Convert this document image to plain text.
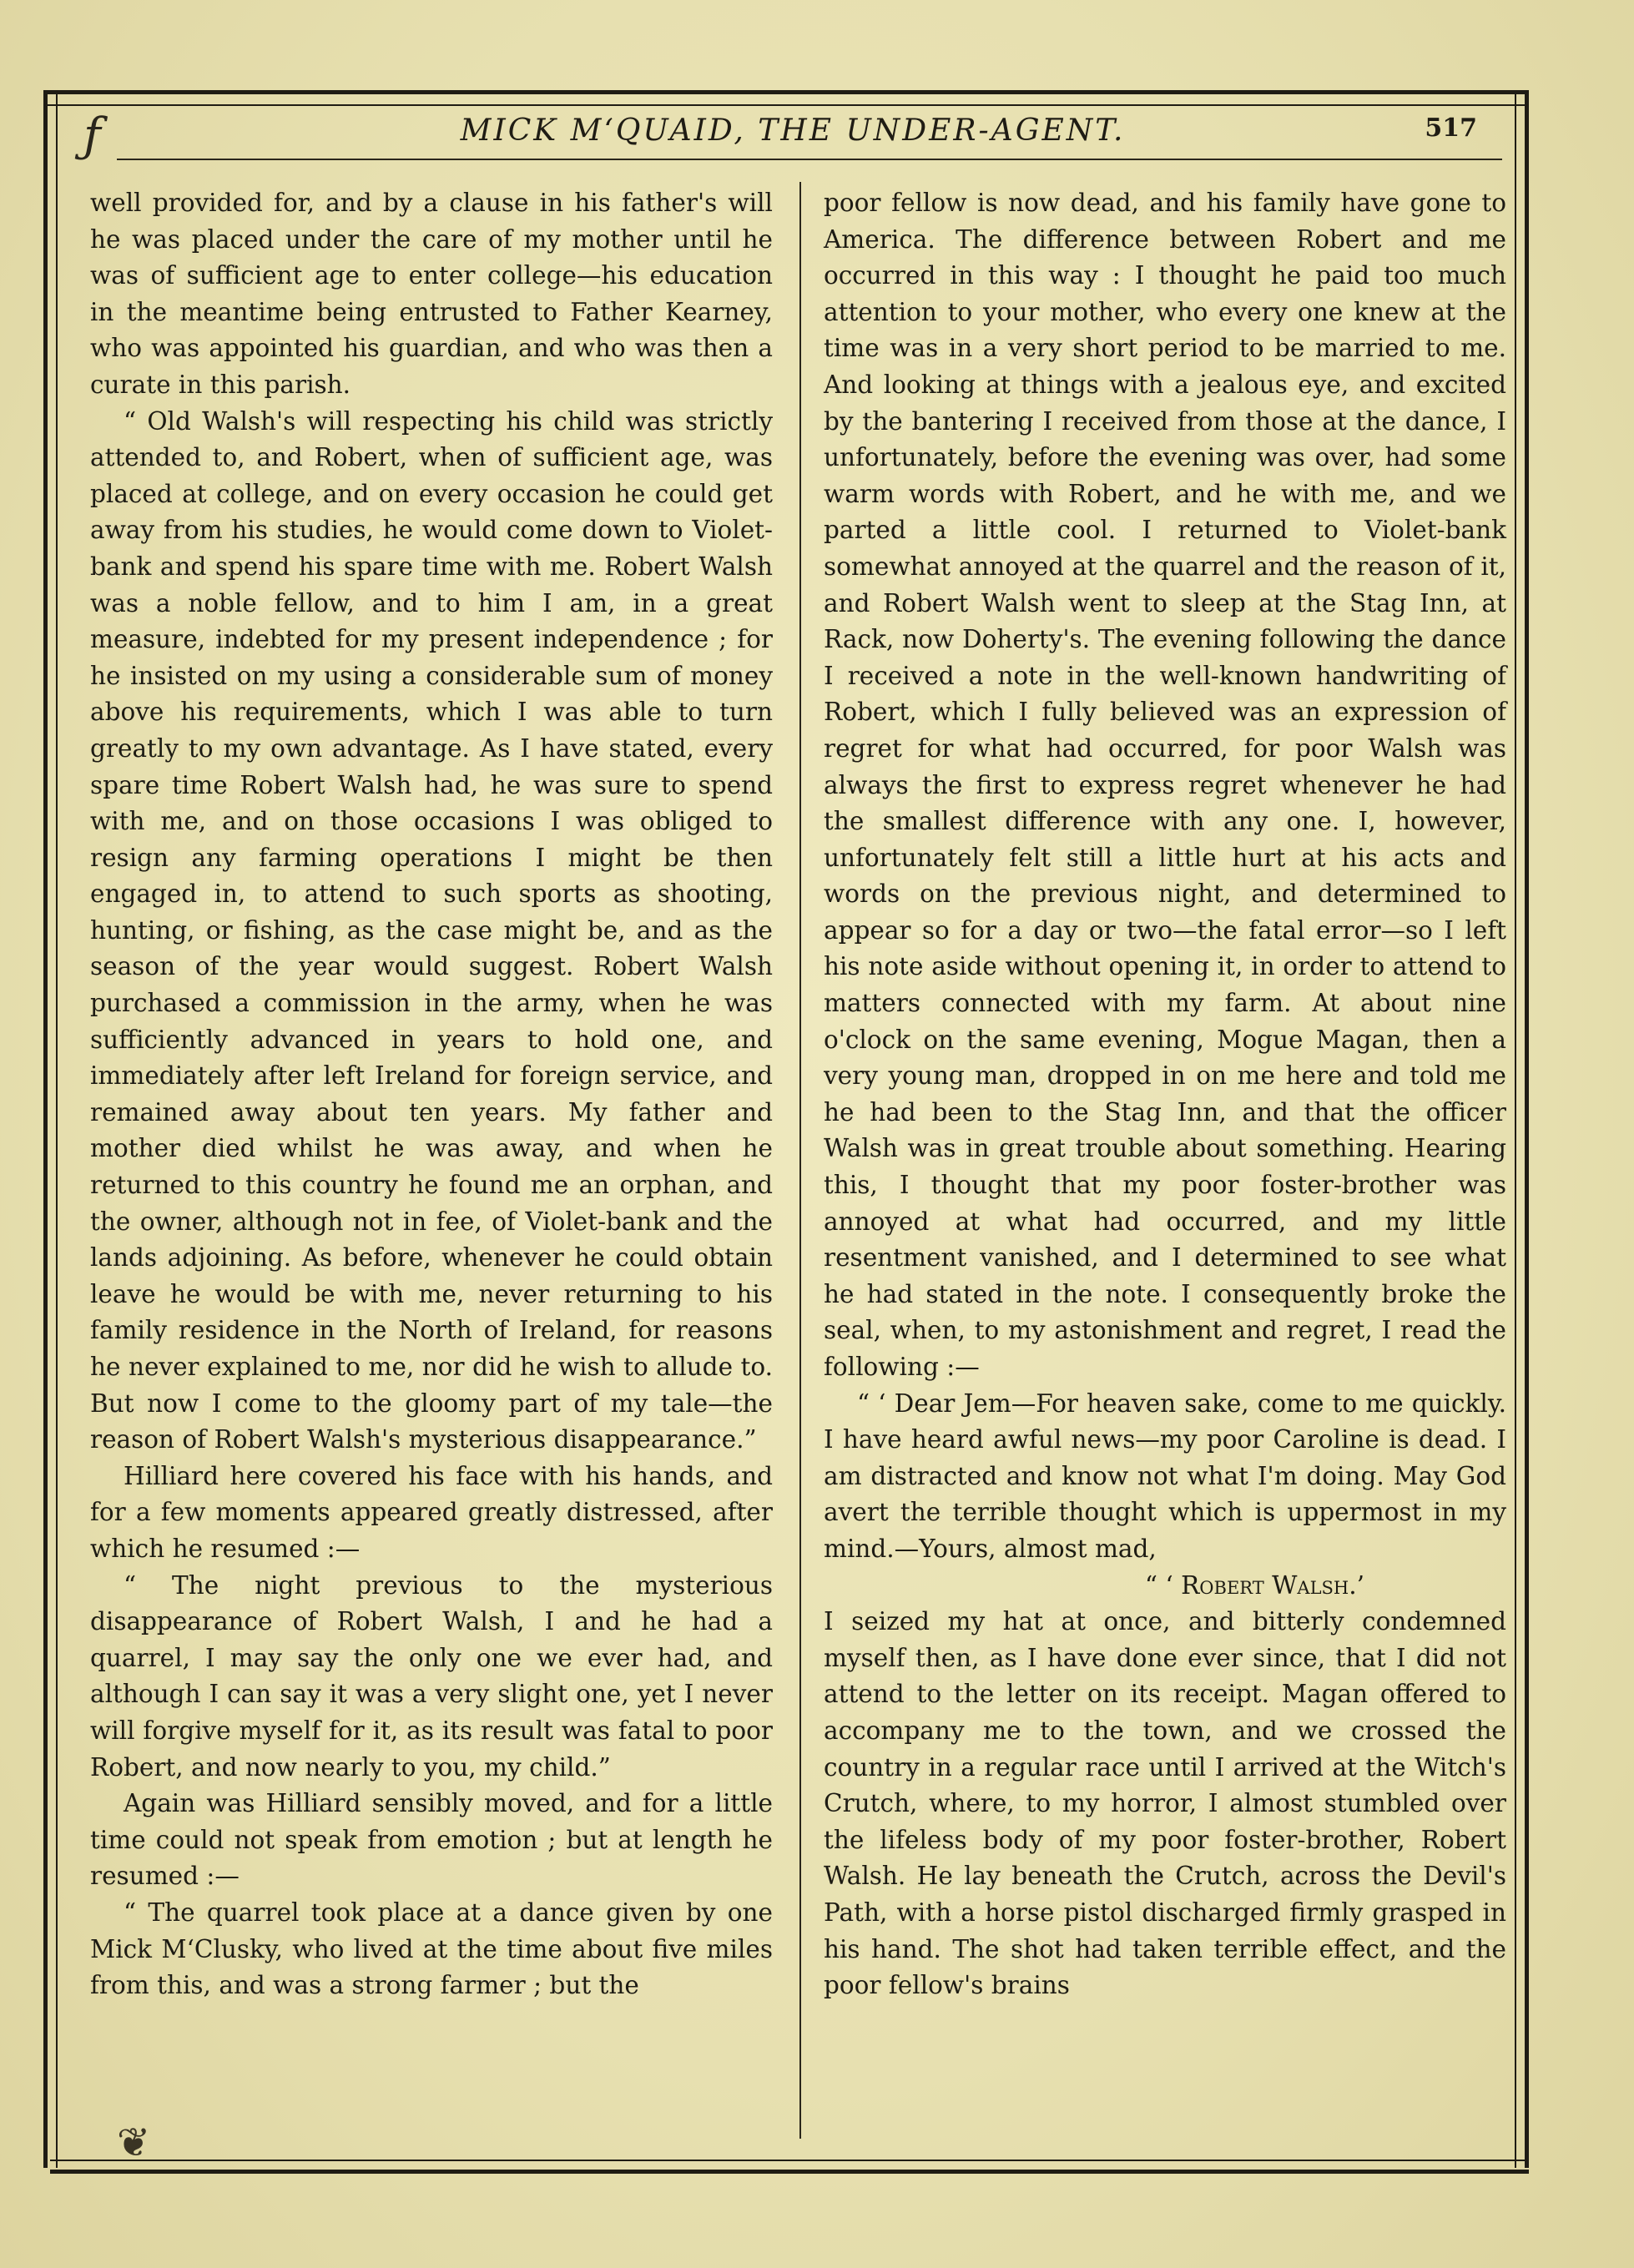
ƒ	MICK M‘QUAID, THE UNDER-AGENT.	517

well provided for, and by a clause in his father's will he was placed under the care of my mother until he was of sufficient age to enter college—his education in the meantime being entrusted to Father Kearney, who was appointed his guardian, and who was then a curate in this parish.

“ Old Walsh's will respecting his child was strictly attended to, and Robert, when of sufficient age, was placed at college, and on every occasion he could get away from his studies, he would come down to Violet-bank and spend his spare time with me. Robert Walsh was a noble fellow, and to him I am, in a great measure, indebted for my present independence ; for he insisted on my using a considerable sum of money above his requirements, which I was able to turn greatly to my own advantage. As I have stated, every spare time Robert Walsh had, he was sure to spend with me, and on those occasions I was obliged to resign any farming operations I might be then engaged in, to attend to such sports as shooting, hunting, or fishing, as the case might be, and as the season of the year would suggest. Robert Walsh purchased a commission in the army, when he was sufficiently advanced in years to hold one, and immediately after left Ireland for foreign service, and remained away about ten years. My father and mother died whilst he was away, and when he returned to this country he found me an orphan, and the owner, although not in fee, of Violet-bank and the lands adjoining. As before, whenever he could obtain leave he would be with me, never returning to his family residence in the North of Ireland, for reasons he never explained to me, nor did he wish to allude to. But now I come to the gloomy part of my tale—the reason of Robert Walsh's mysterious disappearance.”

Hilliard here covered his face with his hands, and for a few moments appeared greatly distressed, after which he resumed :—

“ The night previous to the mysterious disappearance of Robert Walsh, I and he had a quarrel, I may say the only one we ever had, and although I can say it was a very slight one, yet I never will forgive myself for it, as its result was fatal to poor Robert, and now nearly to you, my child.”

Again was Hilliard sensibly moved, and for a little time could not speak from emotion ; but at length he resumed :—

“ The quarrel took place at a dance given by one Mick M‘Clusky, who lived at the time about five miles from this, and was a strong farmer ; but the

poor fellow is now dead, and his family have gone to America. The difference between Robert and me occurred in this way : I thought he paid too much attention to your mother, who every one knew at the time was in a very short period to be married to me. And looking at things with a jealous eye, and excited by the bantering I received from those at the dance, I unfortunately, before the evening was over, had some warm words with Robert, and he with me, and we parted a little cool. I returned to Violet-bank somewhat annoyed at the quarrel and the reason of it, and Robert Walsh went to sleep at the Stag Inn, at Rack, now Doherty's. The evening following the dance I received a note in the well-known handwriting of Robert, which I fully believed was an expression of regret for what had occurred, for poor Walsh was always the first to express regret whenever he had the smallest difference with any one. I, however, unfortunately felt still a little hurt at his acts and words on the previous night, and determined to appear so for a day or two—the fatal error—so I left his note aside without opening it, in order to attend to matters connected with my farm. At about nine o'clock on the same evening, Mogue Magan, then a very young man, dropped in on me here and told me he had been to the Stag Inn, and that the officer Walsh was in great trouble about something. Hearing this, I thought that my poor foster-brother was annoyed at what had occurred, and my little resentment vanished, and I determined to see what he had stated in the note. I consequently broke the seal, when, to my astonishment and regret, I read the following :—

“ ‘ Dear Jem—For heaven sake, come to me quickly. I have heard awful news—my poor Caroline is dead. I am distracted and know not what I'm doing. May God avert the terrible thought which is uppermost in my mind.—Yours, almost mad,

“ ‘ Robert Walsh.’

I seized my hat at once, and bitterly condemned myself then, as I have done ever since, that I did not attend to the letter on its receipt. Magan offered to accompany me to the town, and we crossed the country in a regular race until I arrived at the Witch's Crutch, where, to my horror, I almost stumbled over the lifeless body of my poor foster-brother, Robert Walsh. He lay beneath the Crutch, across the Devil's Path, with a horse pistol discharged firmly grasped in his hand. The shot had taken terrible effect, and the poor fellow's brains

❦
